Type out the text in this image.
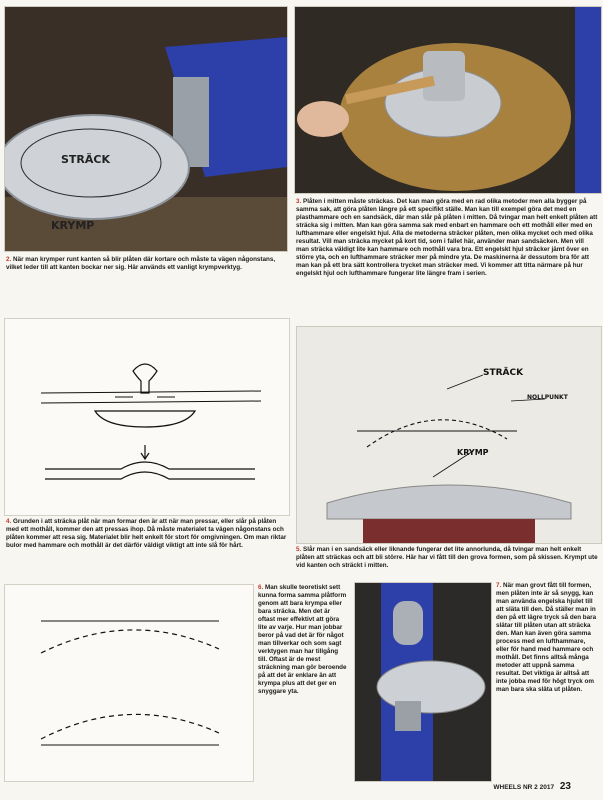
STRÄCK
KRYMP

3. Plåten i mitten måste sträckas. Det kan man göra med en rad olika metoder men alla bygger på samma sak, att göra plåten längre på ett specifikt ställe. Man kan till exempel göra det med en plasthammare och en sandsäck, där man slår på plåten i mitten. Då tvingar man helt enkelt plåten att sträcka sig i mitten. Man kan göra samma sak med enbart en hammare och ett mothåll eller med en lufthammare eller engelskt hjul. Alla de metoderna sträcker plåten, men olika mycket och med olika resultat. Vill man sträcka mycket på kort tid, som i fallet här, använder man sandsäcken. Men vill man sträcka väldigt lite kan hammare och mothåll vara bra. Ett engelskt hjul sträcker jämt över en större yta, och en lufthammare sträcker mer på mindre yta. De maskinerna är dessutom bra för att man kan på ett bra sätt kontrollera trycket man sträcker med. Vi kommer att titta närmare på hur engelskt hjul och lufthammare fungerar lite längre fram i serien.

2. När man krymper runt kanten så blir plåten där kortare och måste ta vägen någonstans, vilket leder till att kanten bockar ner sig. Här används ett vanligt krympverktyg.

STRÄCK
NOLLPUNKT
KRYMP

4. Grunden i att sträcka plåt när man formar den är att när man pressar, eller slår på plåten med ett mothåll, kommer den att pressas ihop. Då måste materialet ta vägen någonstans och plåten kommer att resa sig. Materialet blir helt enkelt för stort för omgivningen. Om man riktar bulor med hammare och mothåll är det därför väldigt viktigt att inte slå för hårt.

5. Slår man i en sandsäck eller liknande fungerar det lite annorlunda, då tvingar man helt enkelt plåten att sträckas och att bli större. Här har vi fått till den grova formen, som på skissen. Krympt ute vid kanten och sträckt i mitten.

6. Man skulle teoretiskt sett kunna forma samma plåtform genom att bara krympa eller bara sträcka. Men det är oftast mer effektivt att göra lite av varje. Hur man jobbar beror på vad det är för något man tillverkar och som sagt verktygen man har tillgång till. Oftast är de mest sträckning man gör beroende på att det är enklare än att krympa plus att det ger en snyggare yta.

7. När man grovt fått till formen, men plåten inte är så snygg, kan man använda engelska hjulet till att släta till den. Då ställer man in den på ett lägre tryck så den bara slätar till plåten utan att sträcka den. Man kan även göra samma process med en lufthammare, eller för hand med hammare och mothåll. Det finns alltså många metoder att uppnå samma resultat. Det viktiga är alltså att inte jobba med för högt tryck om man bara ska släta ut plåten.

WHEELS NR 2 2017 23
